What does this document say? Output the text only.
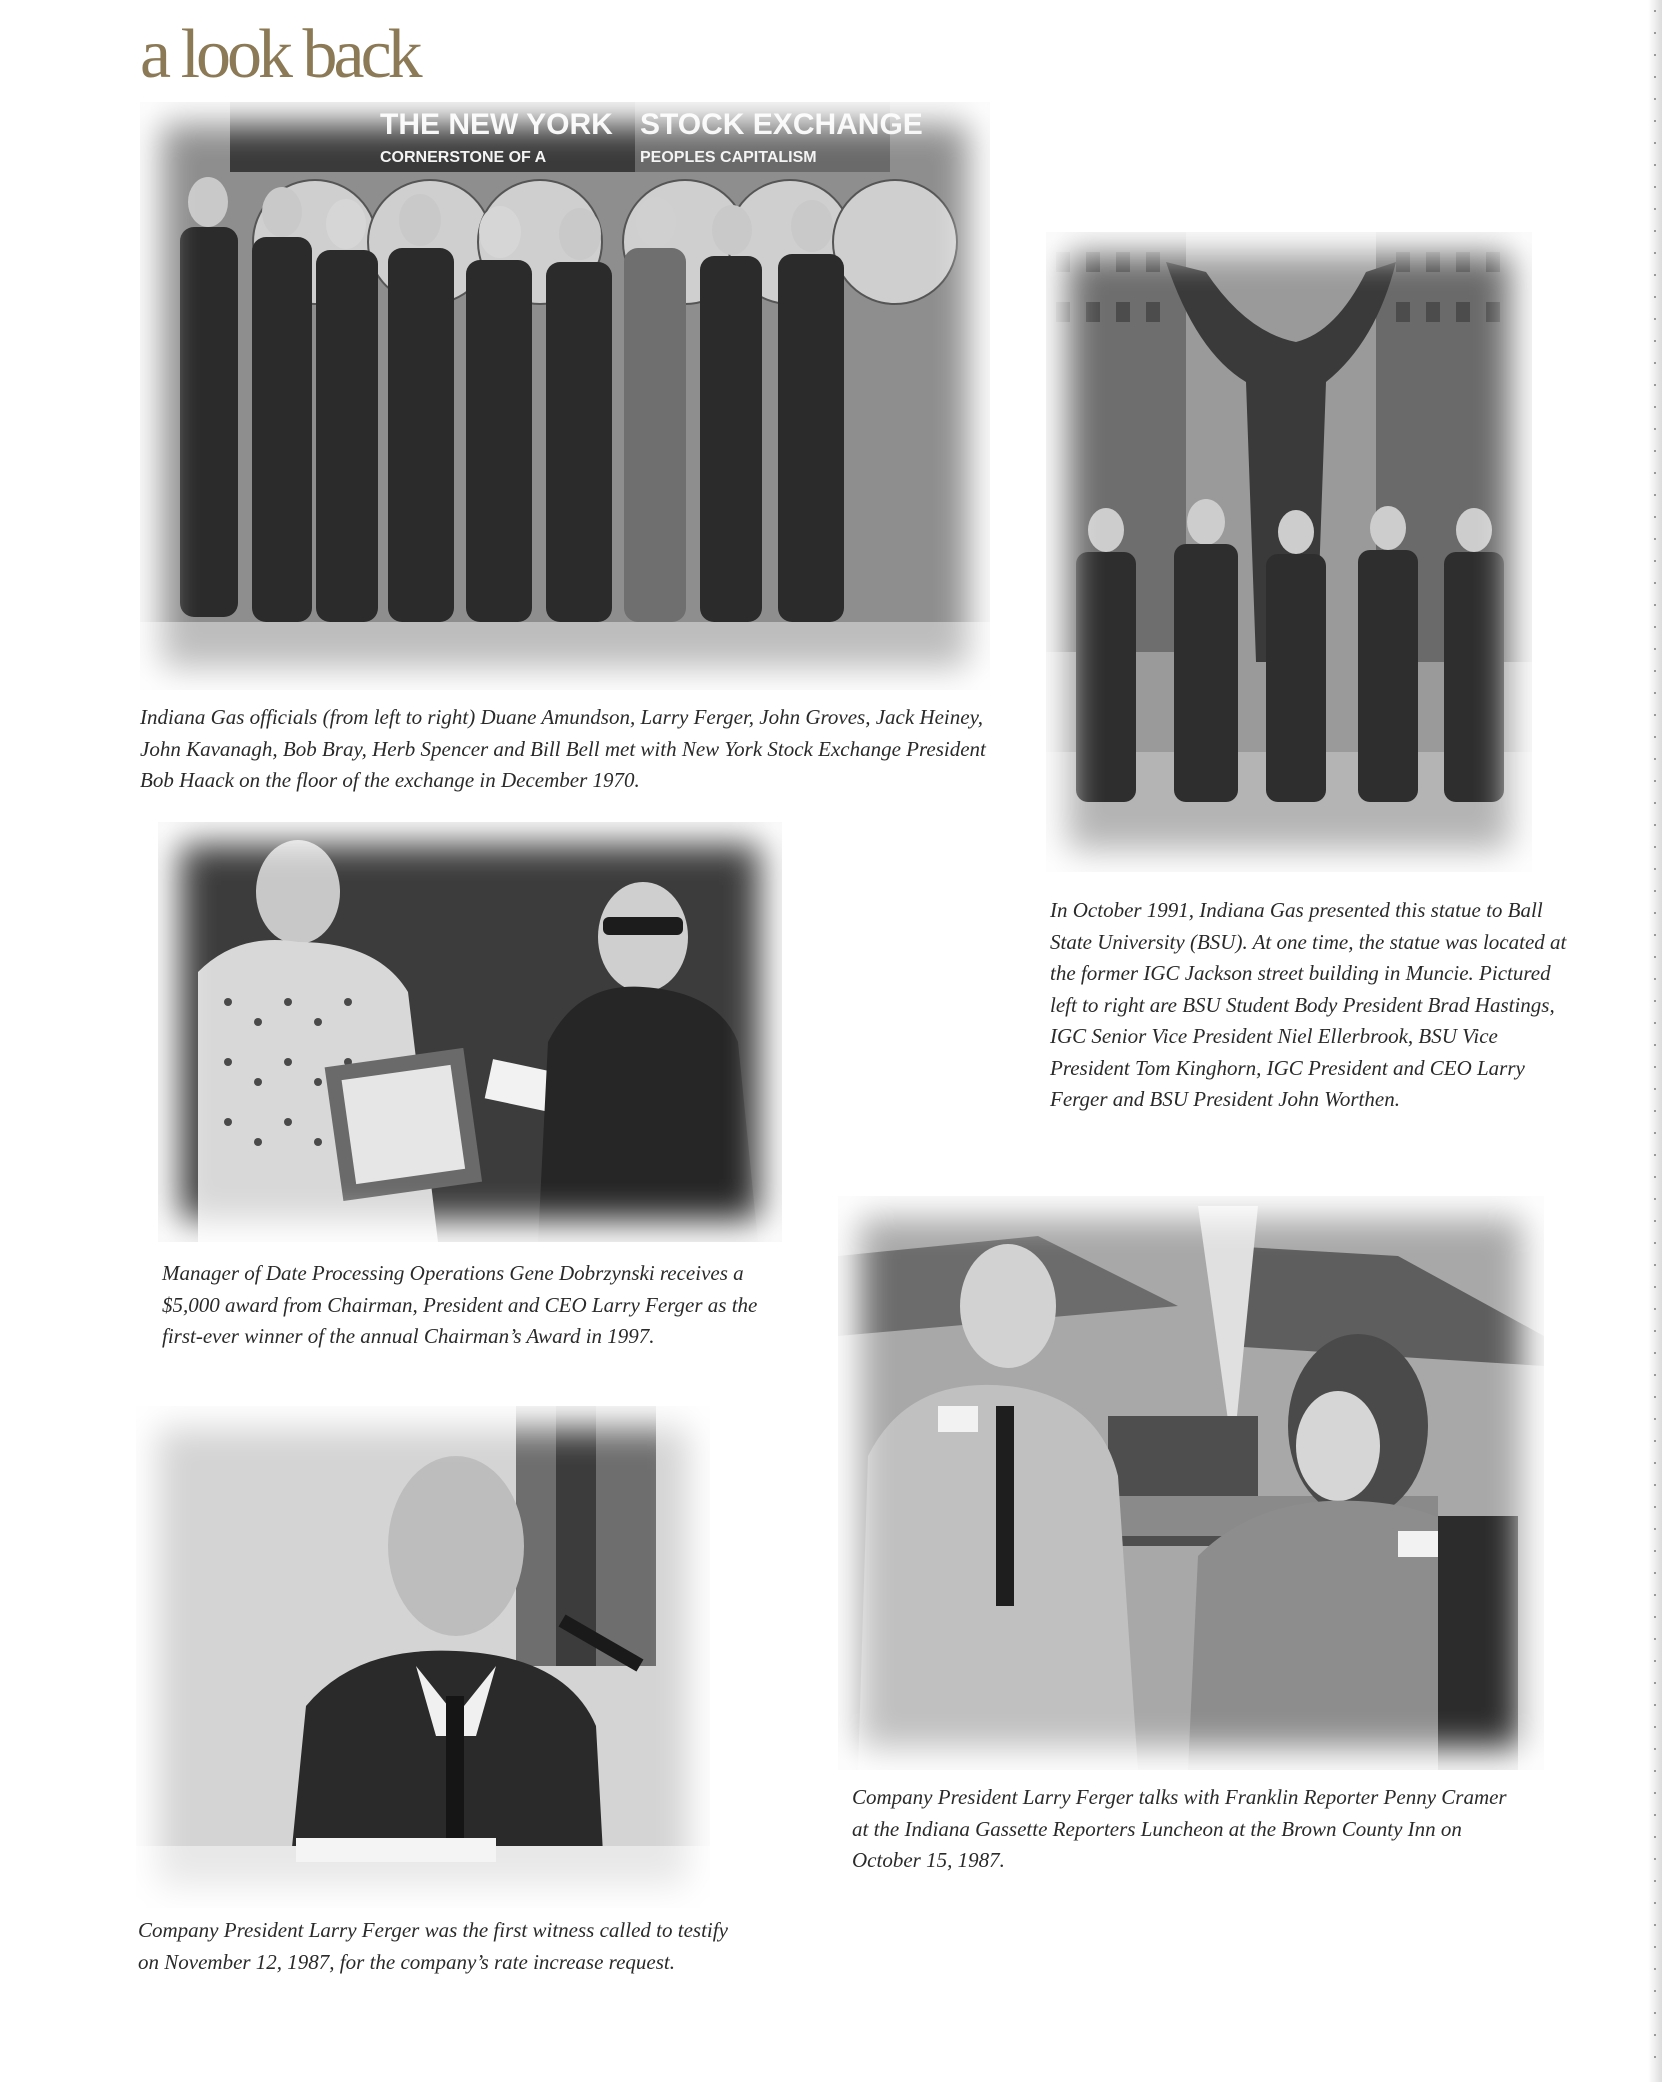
a look back
THE NEW YORK STOCK EXCHANGE
CORNERSTONE OF A	PEOPLES CAPITALISM

Indiana Gas officials (from left to right) Duane Amundson, Larry Ferger, John Groves, Jack Heiney, John Kavanagh, Bob Bray, Herb Spencer and Bill Bell met with New York Stock Exchange President Bob Haack on the floor of the exchange in December 1970.

In October 1991, Indiana Gas presented this statue to Ball State University (BSU). At one time, the statue was located at the former IGC Jackson street building in Muncie. Pictured left to right are BSU Student Body President Brad Hastings, IGC Senior Vice President Niel Ellerbrook, BSU Vice President Tom Kinghorn, IGC President and CEO Larry Ferger and BSU President John Worthen.

Manager of Date Processing Operations Gene Dobrzynski receives a $5,000 award from Chairman, President and CEO Larry Ferger as the first-ever winner of the annual Chairman’s Award in 1997.

Company President Larry Ferger talks with Franklin Reporter Penny Cramer at the Indiana Gassette Reporters Luncheon at the Brown County Inn on October 15, 1987.

Company President Larry Ferger was the first witness called to testify on November 12, 1987, for the company’s rate increase request.
